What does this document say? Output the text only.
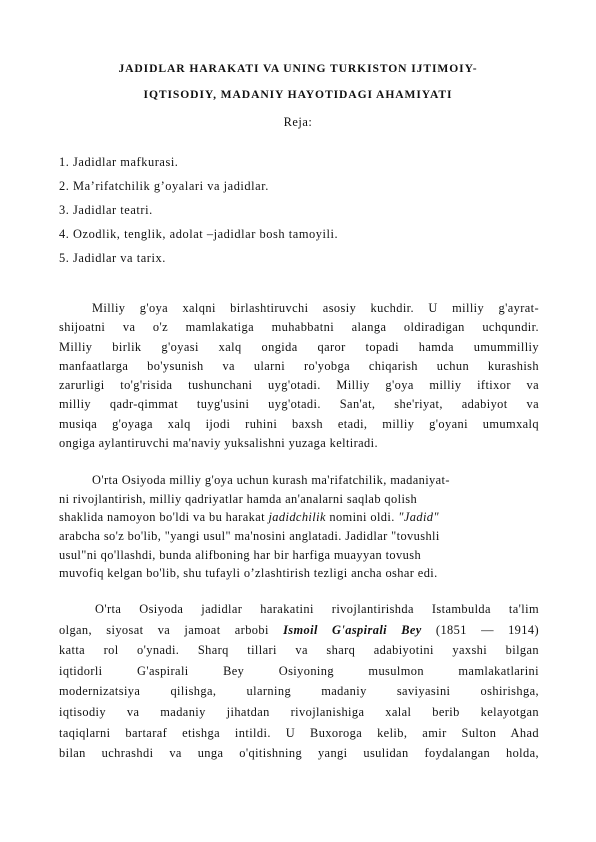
JADIDLAR HARAKATI VA UNING TURKISTON IJTIMOIY-
IQTISODIY, MADANIY HAYOTIDAGI AHAMIYATI
Reja:
1. Jadidlar mafkurasi.
2. Ma’rifatchilik g’oyalari va jadidlar.
3. Jadidlar teatri.
4. Ozodlik, tenglik, adolat –jadidlar bosh tamoyili.
5. Jadidlar va tarix.
Milliy g'oya xalqni birlashtiruvchi asosiy kuchdir. U milliy g'ayrat-
shijoatni va o'z mamlakatiga muhabbatni alanga oldiradigan uchqundir.
Milliy birlik g'oyasi xalq ongida qaror topadi hamda umummilliy
manfaatlarga bo'ysunish va ularni ro'yobga chiqarish uchun kurashish
zarurligi to'g'risida tushunchani uyg'otadi. Milliy g'oya milliy iftixor va
milliy qadr-qimmat tuyg'usini uyg'otadi. San'at, she'riyat, adabiyot va
musiqa g'oyaga xalq ijodi ruhini baxsh etadi, milliy g'oyani umumxalq
ongiga aylantiruvchi ma'naviy yuksalishni yuzaga keltiradi.
O'rta Osiyoda milliy g'oya uchun kurash ma'rifatchilik, madaniyat-
ni rivojlantirish, milliy qadriyatlar hamda an'analarni saqlab qolish
shaklida namoyon bo'ldi va bu harakat jadidchilik nomini oldi. "Jadid"
arabcha so'z bo'lib, "yangi usul" ma'nosini anglatadi. Jadidlar "tovushli
usul"ni qo'llashdi, bunda alifboning har bir harfiga muayyan tovush
muvofiq kelgan bo'lib, shu tufayli o’zlashtirish tezligi ancha oshar edi.
O'rta Osiyoda jadidlar harakatini rivojlantirishda Istambulda ta'lim
olgan, siyosat va jamoat arbobi Ismoil G'aspirali Bey (1851 — 1914)
katta rol o'ynadi. Sharq tillari va sharq adabiyotini yaxshi bilgan
iqtidorli G'aspirali Bey Osiyoning musulmon mamlakatlarini
modernizatsiya qilishga, ularning madaniy saviyasini oshirishga,
iqtisodiy va madaniy jihatdan rivojlanishiga xalal berib kelayotgan
taqiqlarni bartaraf etishga intildi. U Buxoroga kelib, amir Sulton Ahad
bilan uchrashdi va unga o'qitishning yangi usulidan foydalangan holda,
